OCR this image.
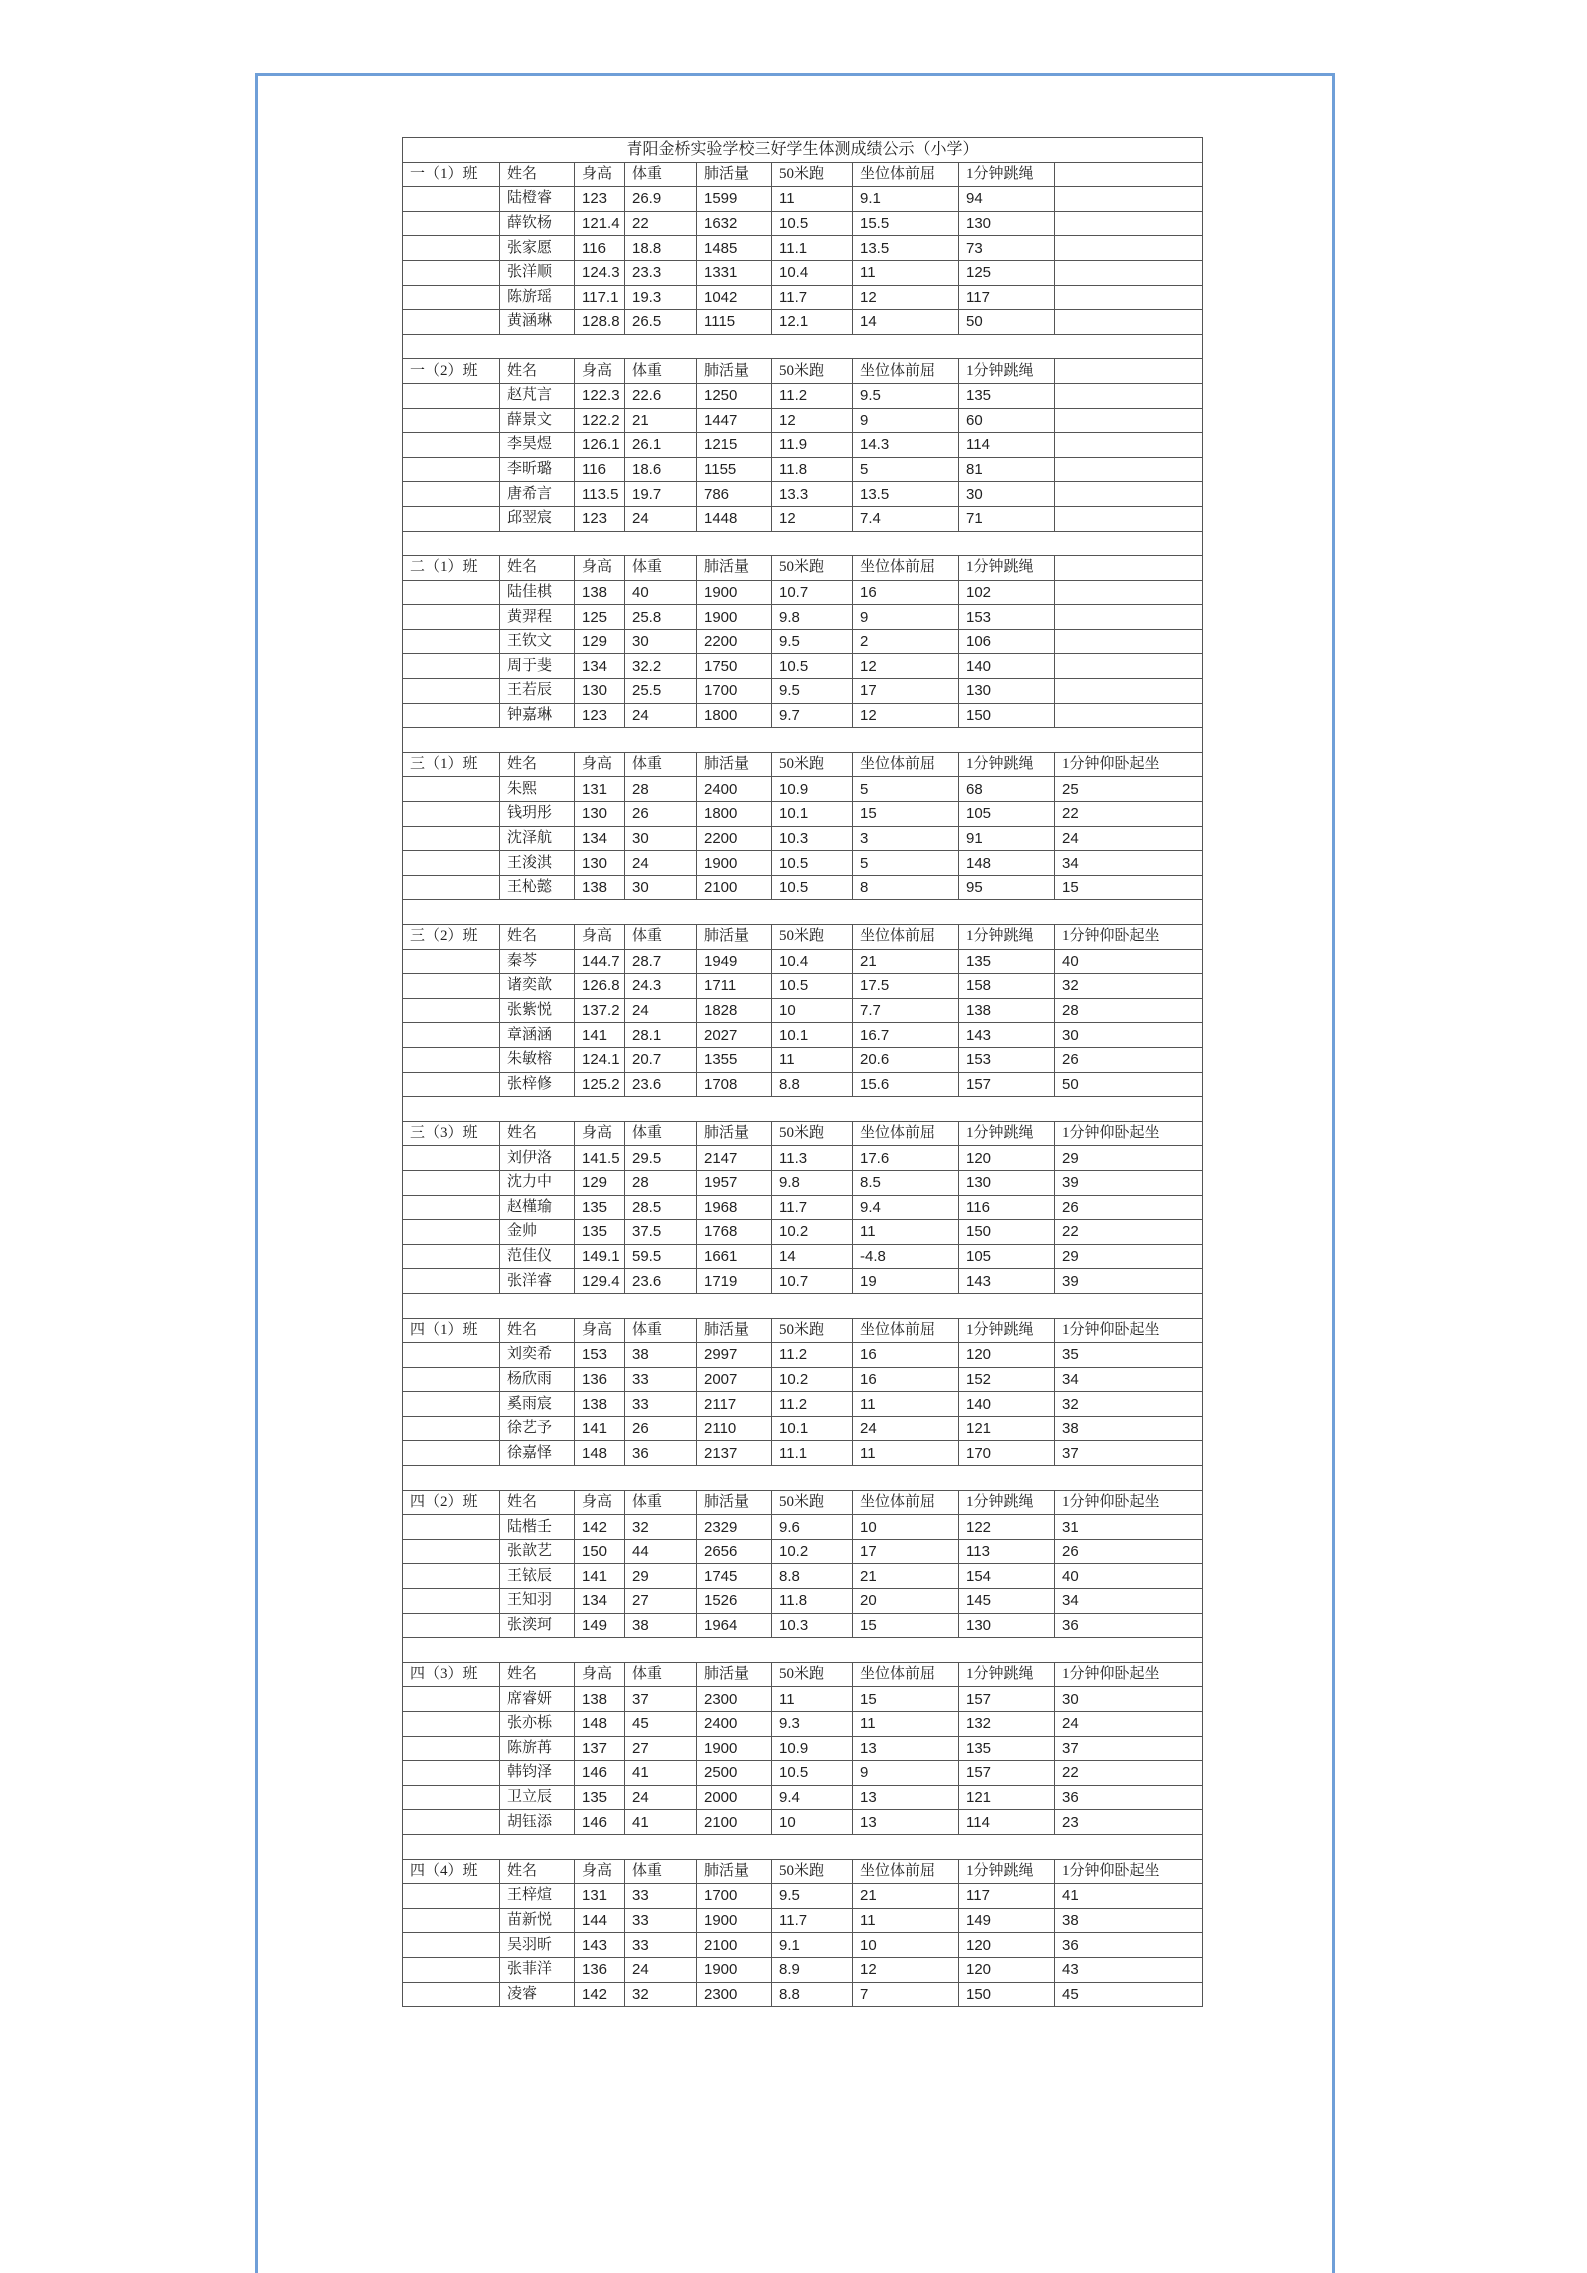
青阳金桥实验学校三好学生体测成绩公示（小学）								
一（1）班	姓名	身高	体重	肺活量	50米跑	坐位体前屈	1分钟跳绳	
	陆橙睿	123	26.9	1599	11	9.1	94	
	薛钦杨	121.4	22	1632	10.5	15.5	130	
	张家愿	116	18.8	1485	11.1	13.5	73	
	张洋顺	124.3	23.3	1331	10.4	11	125	
	陈旂瑶	117.1	19.3	1042	11.7	12	117	
	黄涵琳	128.8	26.5	1115	12.1	14	50	

一（2）班	姓名	身高	体重	肺活量	50米跑	坐位体前屈	1分钟跳绳	
	赵芃言	122.3	22.6	1250	11.2	9.5	135	
	薛景文	122.2	21	1447	12	9	60	
	李昊煜	126.1	26.1	1215	11.9	14.3	114	
	李昕璐	116	18.6	1155	11.8	5	81	
	唐希言	113.5	19.7	786	13.3	13.5	30	
	邱翌宸	123	24	1448	12	7.4	71	

二（1）班	姓名	身高	体重	肺活量	50米跑	坐位体前屈	1分钟跳绳	
	陆佳棋	138	40	1900	10.7	16	102	
	黄羿程	125	25.8	1900	9.8	9	153	
	王钦文	129	30	2200	9.5	2	106	
	周于斐	134	32.2	1750	10.5	12	140	
	王若辰	130	25.5	1700	9.5	17	130	
	钟嘉琳	123	24	1800	9.7	12	150	

三（1）班	姓名	身高	体重	肺活量	50米跑	坐位体前屈	1分钟跳绳	1分钟仰卧起坐
	朱熙	131	28	2400	10.9	5	68	25
	钱玥彤	130	26	1800	10.1	15	105	22
	沈泽航	134	30	2200	10.3	3	91	24
	王浚淇	130	24	1900	10.5	5	148	34
	王杺懿	138	30	2100	10.5	8	95	15

三（2）班	姓名	身高	体重	肺活量	50米跑	坐位体前屈	1分钟跳绳	1分钟仰卧起坐
	秦芩	144.7	28.7	1949	10.4	21	135	40
	诸奕歆	126.8	24.3	1711	10.5	17.5	158	32
	张紫悦	137.2	24	1828	10	7.7	138	28
	章涵涵	141	28.1	2027	10.1	16.7	143	30
	朱敏榕	124.1	20.7	1355	11	20.6	153	26
	张梓修	125.2	23.6	1708	8.8	15.6	157	50

三（3）班	姓名	身高	体重	肺活量	50米跑	坐位体前屈	1分钟跳绳	1分钟仰卧起坐
	刘伊洛	141.5	29.5	2147	11.3	17.6	120	29
	沈力中	129	28	1957	9.8	8.5	130	39
	赵槿瑜	135	28.5	1968	11.7	9.4	116	26
	金帅	135	37.5	1768	10.2	11	150	22
	范佳仪	149.1	59.5	1661	14	-4.8	105	29
	张洋睿	129.4	23.6	1719	10.7	19	143	39

四（1）班	姓名	身高	体重	肺活量	50米跑	坐位体前屈	1分钟跳绳	1分钟仰卧起坐
	刘奕希	153	38	2997	11.2	16	120	35
	杨欣雨	136	33	2007	10.2	16	152	34
	奚雨宸	138	33	2117	11.2	11	140	32
	徐艺予	141	26	2110	10.1	24	121	38
	徐嘉怿	148	36	2137	11.1	11	170	37

四（2）班	姓名	身高	体重	肺活量	50米跑	坐位体前屈	1分钟跳绳	1分钟仰卧起坐
	陆楷壬	142	32	2329	9.6	10	122	31
	张歆艺	150	44	2656	10.2	17	113	26
	王铱辰	141	29	1745	8.8	21	154	40
	王知羽	134	27	1526	11.8	20	145	34
	张湙珂	149	38	1964	10.3	15	130	36

四（3）班	姓名	身高	体重	肺活量	50米跑	坐位体前屈	1分钟跳绳	1分钟仰卧起坐
	席睿妍	138	37	2300	11	15	157	30
	张亦栎	148	45	2400	9.3	11	132	24
	陈旂苒	137	27	1900	10.9	13	135	37
	韩钧泽	146	41	2500	10.5	9	157	22
	卫立辰	135	24	2000	9.4	13	121	36
	胡钰添	146	41	2100	10	13	114	23

四（4）班	姓名	身高	体重	肺活量	50米跑	坐位体前屈	1分钟跳绳	1分钟仰卧起坐
	王梓煊	131	33	1700	9.5	21	117	41
	苗新悦	144	33	1900	11.7	11	149	38
	吴羽昕	143	33	2100	9.1	10	120	36
	张菲洋	136	24	1900	8.9	12	120	43
	凌睿	142	32	2300	8.8	7	150	45
